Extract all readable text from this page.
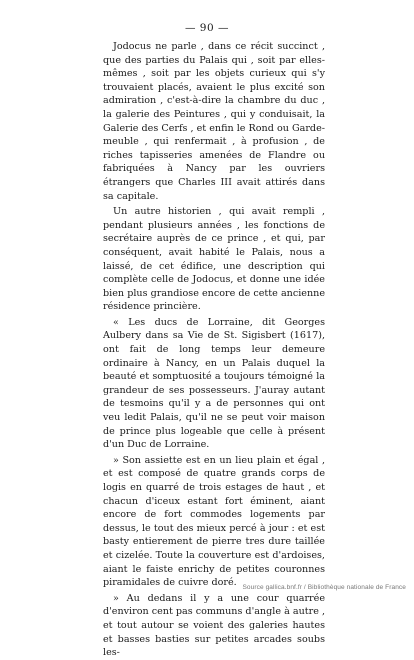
— 90 —

Jodocus ne parle , dans ce récit succinct , que des parties du Palais qui , soit par elles-mêmes , soit par les objets curieux qui s'y trouvaient placés, avaient le plus excité son admiration , c'est-à-dire la chambre du duc , la galerie des Peintures , qui y conduisait, la Galerie des Cerfs , et enfin le Rond ou Garde-meuble , qui renfermait , à profusion , de riches tapisseries amenées de Flandre ou fabriquées à Nancy par les ouvriers étrangers que Charles III avait attirés dans sa capitale.

Un autre historien , qui avait rempli , pendant plusieurs années , les fonctions de secrétaire auprès de ce prince , et qui, par conséquent, avait habité le Palais, nous a laissé, de cet édifice, une description qui complète celle de Jodocus, et donne une idée bien plus grandiose encore de cette ancienne résidence princière.

« Les ducs de Lorraine, dit Georges Aulbery dans sa Vie de St. Sigisbert (1617), ont fait de long temps leur demeure ordinaire à Nancy, en un Palais duquel la beauté et somptuosité a toujours témoigné la grandeur de ses possesseurs. J'auray autant de tesmoins qu'il y a de personnes qui ont veu ledit Palais, qu'il ne se peut voir maison de prince plus logeable que celle à présent d'un Duc de Lorraine.

» Son assiette est en un lieu plain et égal , et est composé de quatre grands corps de logis en quarré de trois estages de haut , et chacun d'iceux estant fort éminent, aiant encore de fort commodes logements par dessus, le tout des mieux percé à jour : et est basty entierement de pierre tres dure taillée et cizelée. Toute la couverture est d'ardoises, aiant le faiste enrichy de petites couronnes piramidales de cuivre doré.

» Au dedans il y a une cour quarrée d'environ cent pas communs d'angle à autre , et tout autour se voient des galeries hautes et basses basties sur petites arcades soubs les-

Source gallica.bnf.fr / Bibliothèque nationale de France
